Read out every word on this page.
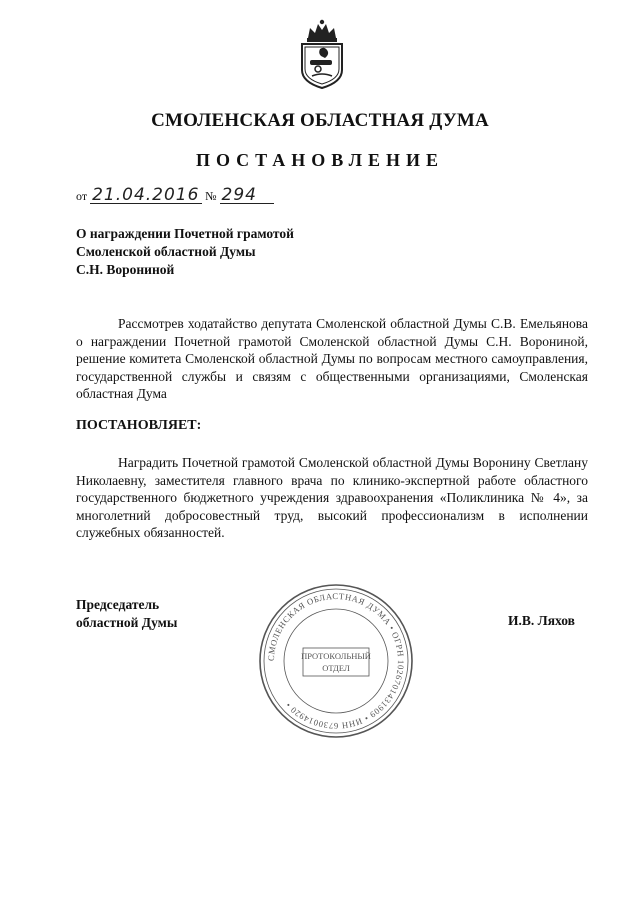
СМОЛЕНСКАЯ ОБЛАСТНАЯ ДУМА
ПОСТАНОВЛЕНИЕ
от 21.04.2016 № 294
О награждении Почетной грамотой
Смоленской областной Думы
С.Н. Ворониной
Рассмотрев ходатайство депутата Смоленской областной Думы С.В. Емельянова о награждении Почетной грамотой Смоленской областной Думы С.Н. Ворониной, решение комитета Смоленской областной Думы по вопросам местного самоуправления, государственной службы и связям с общественными организациями, Смоленская областная Дума
ПОСТАНОВЛЯЕТ:
Наградить Почетной грамотой Смоленской областной Думы Воронину Светлану Николаевну, заместителя главного врача по клинико-экспертной работе областного государственного бюджетного учреждения здравоохранения «Поликлиника № 4», за многолетний добросовестный труд, высокий профессионализм в исполнении служебных обязанностей.
Председатель
областной Думы
СМОЛЕНСКАЯ ОБЛАСТНАЯ ДУМА • ОГРН 1026701431909 • ИНН 6730014920 •
ПРОТОКОЛЬНЫЙ
ОТДЕЛ
И.В. Ляхов
